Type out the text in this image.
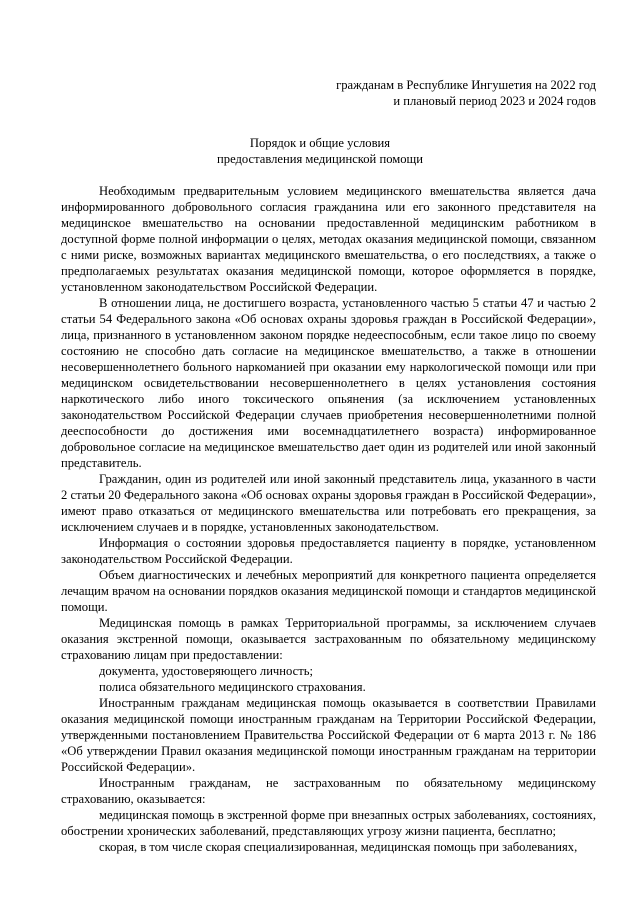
гражданам в Республике Ингушетия на 2022 год
и плановый период 2023 и 2024 годов
Порядок и общие условия
предоставления медицинской помощи

Необходимым предварительным условием медицинского вмешательства является дача информированного добровольного согласия гражданина или его законного представителя на медицинское вмешательство на основании предоставленной медицинским работником в доступной форме полной информации о целях, методах оказания медицинской помощи, связанном с ними риске, возможных вариантах медицинского вмешательства, о его последствиях, а также о предполагаемых результатах оказания медицинской помощи, которое оформляется в порядке, установленном законодательством Российской Федерации.

В отношении лица, не достигшего возраста, установленного частью 5 статьи 47 и частью 2 статьи 54 Федерального закона «Об основах охраны здоровья граждан в Российской Федерации», лица, признанного в установленном законом порядке недееспособным, если такое лицо по своему состоянию не способно дать согласие на медицинское вмешательство, а также в отношении несовершеннолетнего больного наркоманией при оказании ему наркологической помощи или при медицинском освидетельствовании несовершеннолетнего в целях установления состояния наркотического либо иного токсического опьянения (за исключением установленных законодательством Российской Федерации случаев приобретения несовершеннолетними полной дееспособности до достижения ими восемнадцатилетнего возраста) информированное добровольное согласие на медицинское вмешательство дает один из родителей или иной законный представитель.

Гражданин, один из родителей или иной законный представитель лица, указанного в части 2 статьи 20 Федерального закона «Об основах охраны здоровья граждан в Российской Федерации», имеют право отказаться от медицинского вмешательства или потребовать его прекращения, за исключением случаев и в порядке, установленных законодательством.

Информация о состоянии здоровья предоставляется пациенту в порядке, установленном законодательством Российской Федерации.

Объем диагностических и лечебных мероприятий для конкретного пациента определяется лечащим врачом на основании порядков оказания медицинской помощи и стандартов медицинской помощи.

Медицинская помощь в рамках Территориальной программы, за исключением случаев оказания экстренной помощи, оказывается застрахованным по обязательному медицинскому страхованию лицам при предоставлении:

документа, удостоверяющего личность;

полиса обязательного медицинского страхования.

Иностранным гражданам медицинская помощь оказывается в соответствии Правилами оказания медицинской помощи иностранным гражданам на Территории Российской Федерации, утвержденными постановлением Правительства Российской Федерации от 6 марта 2013 г. № 186 «Об утверждении Правил оказания медицинской помощи иностранным гражданам на территории Российской Федерации».

Иностранным гражданам, не застрахованным по обязательному медицинскому страхованию, оказывается:

медицинская помощь в экстренной форме при внезапных острых заболеваниях, состояниях, обострении хронических заболеваний, представляющих угрозу жизни пациента, бесплатно;

скорая, в том числе скорая специализированная, медицинская помощь при заболеваниях,
